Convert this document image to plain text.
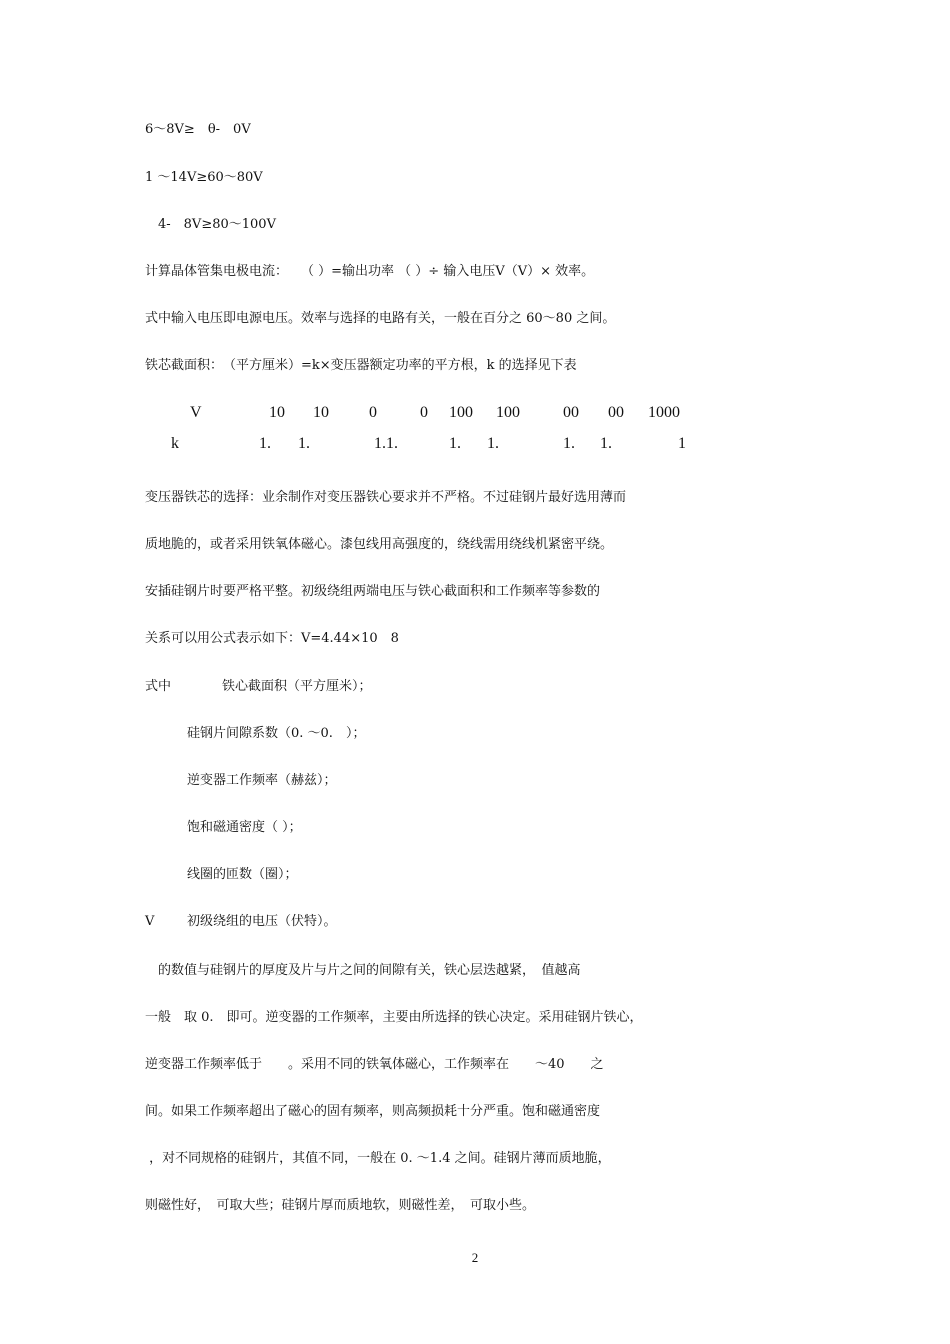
6～8V≥　θ-　0V
1 ～14V≥60～80V
　4-　8V≥80～100V
计算晶体管集电极电流：　　（ ）=输出功率 （ ）÷ 输入电压V（V）× 效率。
式中输入电压即电源电压。效率与选择的电路有关，一般在百分之 60～80 之间。
铁芯截面积：　（平方厘米）=k×变压器额定功率的平方根，k 的选择见下表
V	10 10	0	0 100 100	00 00 1000
k	1. 1.	1.1.	1. 1.	1. 1.	1
变压器铁芯的选择：业余制作对变压器铁心要求并不严格。不过硅钢片最好选用薄而
质地脆的，或者采用铁氧体磁心。漆包线用高强度的，绕线需用绕线机紧密平绕。
安插硅钢片时要严格平整。初级绕组两端电压与铁心截面积和工作频率等参数的
关系可以用公式表示如下：V=4.44×10　8
式中	铁心截面积（平方厘米）；
硅钢片间隙系数（0. ～0.　）；
逆变器工作频率（赫兹）；
饱和磁通密度（ ）；
线圈的匝数（圈）；
V	初级绕组的电压（伏特）。
　的数值与硅钢片的厚度及片与片之间的间隙有关，铁心层迭越紧，　值越高
一般　取 0.　即可。逆变器的工作频率，主要由所选择的铁心决定。采用硅钢片铁心，
逆变器工作频率低于　　。采用不同的铁氧体磁心，工作频率在　　～40　　之
间。如果工作频率超出了磁心的固有频率，则高频损耗十分严重。饱和磁通密度
，对不同规格的硅钢片，其值不同，一般在 0. ～1.4 之间。硅钢片薄而质地脆，
则磁性好，　可取大些；硅钢片厚而质地软，则磁性差，　可取小些。
2
